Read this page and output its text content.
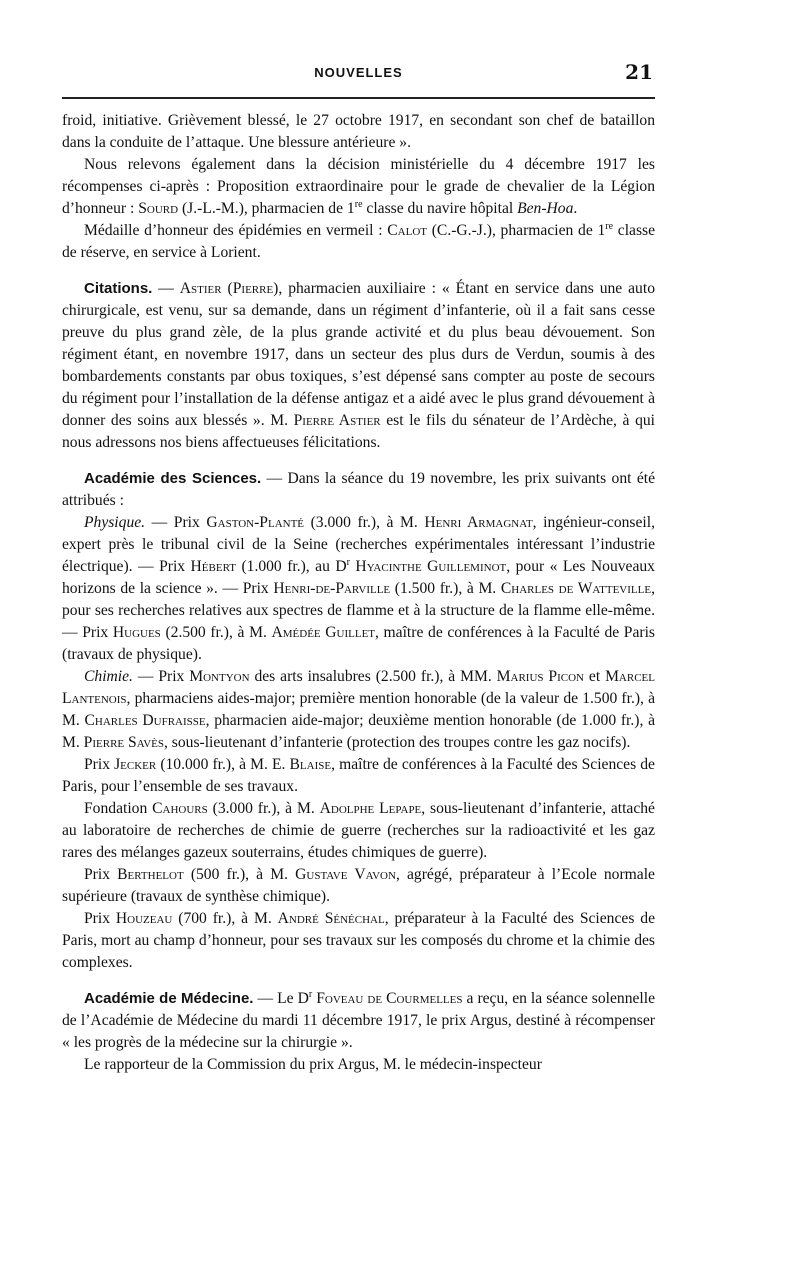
NOUVELLES	21

froid, initiative. Grièvement blessé, le 27 octobre 1917, en secondant son chef de bataillon dans la conduite de l’attaque. Une blessure antérieure ».

Nous relevons également dans la décision ministérielle du 4 décembre 1917 les récompenses ci-après : Proposition extraordinaire pour le grade de chevalier de la Légion d’honneur : Sourd (J.-L.-M.), pharmacien de 1re classe du navire hôpital Ben-Hoa.

Médaille d’honneur des épidémies en vermeil : Calot (C.-G.-J.), pharmacien de 1re classe de réserve, en service à Lorient.

Citations. — Astier (Pierre), pharmacien auxiliaire : « Étant en service dans une auto chirurgicale, est venu, sur sa demande, dans un régiment d’infanterie, où il a fait sans cesse preuve du plus grand zèle, de la plus grande activité et du plus beau dévouement. Son régiment étant, en novembre 1917, dans un secteur des plus durs de Verdun, soumis à des bombardements constants par obus toxiques, s’est dépensé sans compter au poste de secours du régiment pour l’installation de la défense antigaz et a aidé avec le plus grand dévouement à donner des soins aux blessés ». M. Pierre Astier est le fils du sénateur de l’Ardèche, à qui nous adressons nos biens affectueuses félicitations.

Académie des Sciences. — Dans la séance du 19 novembre, les prix suivants ont été attribués :

Physique. — Prix Gaston-Planté (3.000 fr.), à M. Henri Armagnat, ingénieur-conseil, expert près le tribunal civil de la Seine (recherches expérimentales intéressant l’industrie électrique). — Prix Hébert (1.000 fr.), au $D^r$ Hyacinthe Guilleminot, pour « Les Nouveaux horizons de la science ». — Prix Henri-de-Parville (1.500 fr.), à M. Charles de Watteville, pour ses recherches relatives aux spectres de flamme et à la structure de la flamme elle-même. — Prix Hugues (2.500 fr.), à M. Amédée Guillet, maître de conférences à la Faculté de Paris (travaux de physique).

Chimie. — Prix Montyon des arts insalubres (2.500 fr.), à MM. Marius Picon et Marcel Lantenois, pharmaciens aides-major; première mention honorable (de la valeur de 1.500 fr.), à M. Charles Dufraisse, pharmacien aide-major; deuxième mention honorable (de 1.000 fr.), à M. Pierre Savès, sous-lieutenant d’infanterie (protection des troupes contre les gaz nocifs).

Prix Jecker (10.000 fr.), à M. E. Blaise, maître de conférences à la Faculté des Sciences de Paris, pour l’ensemble de ses travaux.

Fondation Cahours (3.000 fr.), à M. Adolphe Lepape, sous-lieutenant d’infanterie, attaché au laboratoire de recherches de chimie de guerre (recherches sur la radioactivité et les gaz rares des mélanges gazeux souterrains, études chimiques de guerre).

Prix Berthelot (500 fr.), à M. Gustave Vavon, agrégé, préparateur à l’Ecole normale supérieure (travaux de synthèse chimique).

Prix Houzeau (700 fr.), à M. André Sénéchal, préparateur à la Faculté des Sciences de Paris, mort au champ d’honneur, pour ses travaux sur les composés du chrome et la chimie des complexes.

Académie de Médecine. — Le $D^r$ Foveau de Courmelles a reçu, en la séance solennelle de l’Académie de Médecine du mardi 11 décembre 1917, le prix Argus, destiné à récompenser « les progrès de la médecine sur la chirurgie ».

Le rapporteur de la Commission du prix Argus, M. le médecin-inspecteur
